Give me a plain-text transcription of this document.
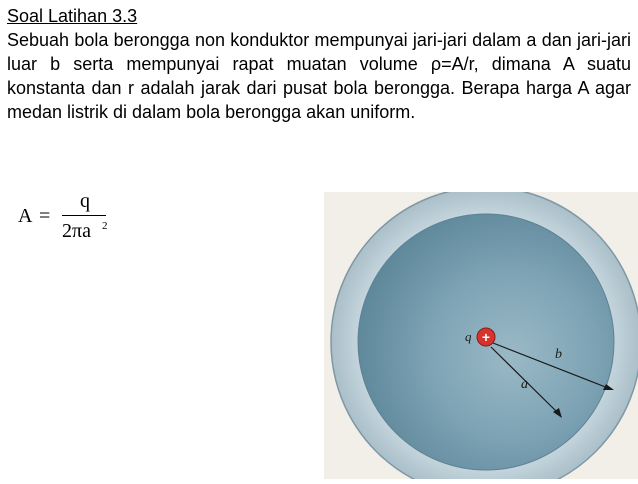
Soal Latihan 3.3

Sebuah bola berongga non konduktor mempunyai jari-jari dalam a dan jari-jari luar b serta mempunyai rapat muatan volume ρ=A/r, dimana A suatu konstanta dan r adalah jarak dari pusat bola berongga. Berapa harga A agar medan listrik di dalam bola berongga akan uniform.

A =
q
2πa 2
+
q
b
a
